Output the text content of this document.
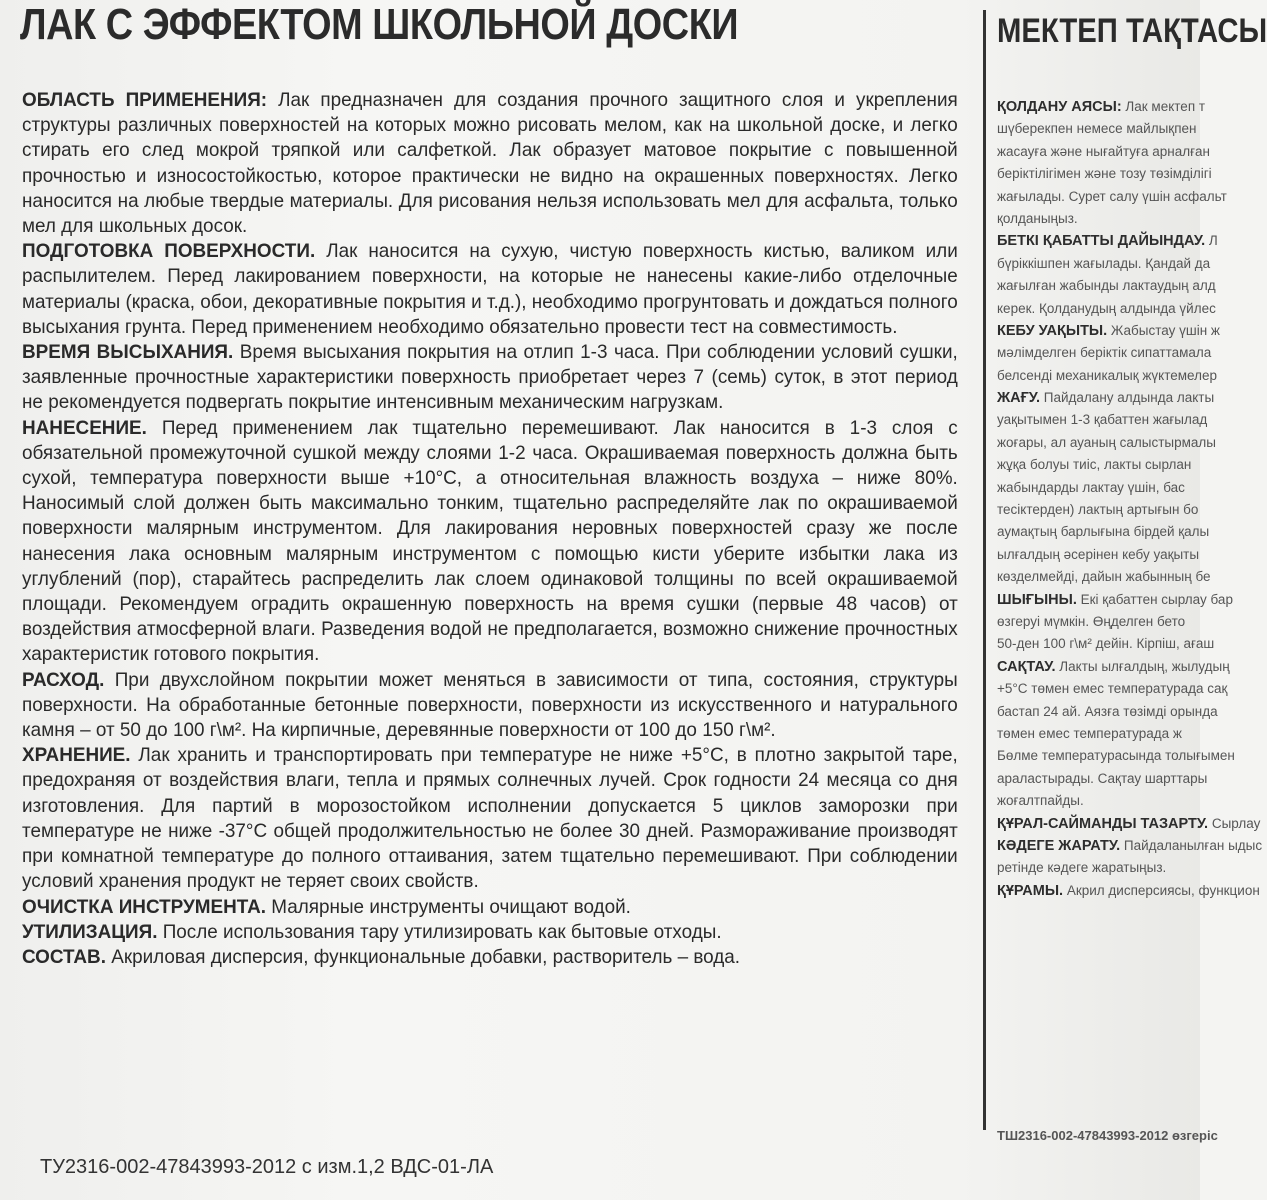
ЛАК С ЭФФЕКТОМ ШКОЛЬНОЙ ДОСКИ

ОБЛАСТЬ ПРИМЕНЕНИЯ: Лак предназначен для создания прочного защитного слоя и укрепления структуры различных поверхностей на которых можно рисовать мелом, как на школьной доске, и легко стирать его след мокрой тряпкой или салфеткой. Лак образует матовое покрытие с повышенной прочностью и износостойкостью, которое практически не видно на окрашенных поверхностях. Легко наносится на любые твердые материалы. Для рисования нельзя использовать мел для асфальта, только мел для школьных досок.

ПОДГОТОВКА ПОВЕРХНОСТИ. Лак наносится на сухую, чистую поверхность кистью, валиком или распылителем. Перед лакированием поверхности, на которые не нанесены какие-либо отделочные материалы (краска, обои, декоративные покрытия и т.д.), необходимо прогрунтовать и дождаться полного высыхания грунта. Перед применением необходимо обязательно провести тест на совместимость.

ВРЕМЯ ВЫСЫХАНИЯ. Время высыхания покрытия на отлип 1-3 часа. При соблюдении условий сушки, заявленные прочностные характеристики поверхность приобретает через 7 (семь) суток, в этот период не рекомендуется подвергать покрытие интенсивным механическим нагрузкам.

НАНЕСЕНИЕ. Перед применением лак тщательно перемешивают. Лак наносится в 1-3 слоя с обязательной промежуточной сушкой между слоями 1-2 часа. Окрашиваемая поверхность должна быть сухой, температура поверхности выше +10°С, а относительная влажность воздуха – ниже 80%. Наносимый слой должен быть максимально тонким, тщательно распределяйте лак по окрашиваемой поверхности малярным инструментом. Для лакирования неровных поверхностей сразу же после нанесения лака основным малярным инструментом с помощью кисти уберите избытки лака из углублений (пор), старайтесь распределить лак слоем одинаковой толщины по всей окрашиваемой площади. Рекомендуем оградить окрашенную поверхность на время сушки (первые 48 часов) от воздействия атмосферной влаги. Разведения водой не предполагается, возможно снижение прочностных характеристик готового покрытия.

РАСХОД. При двухслойном покрытии может меняться в зависимости от типа, состояния, структуры поверхности. На обработанные бетонные поверхности, поверхности из искусственного и натурального камня – от 50 до 100 г\м². На кирпичные, деревянные поверхности от 100 до 150 г\м².

ХРАНЕНИЕ. Лак хранить и транспортировать при температуре не ниже +5°С, в плотно закрытой таре, предохраняя от воздействия влаги, тепла и прямых солнечных лучей. Срок годности 24 месяца со дня изготовления. Для партий в морозостойком исполнении допускается 5 циклов заморозки при температуре не ниже -37°С общей продолжительностью не более 30 дней. Размораживание производят при комнатной температуре до полного оттаивания, затем тщательно перемешивают. При соблюдении условий хранения продукт не теряет своих свойств.

ОЧИСТКА ИНСТРУМЕНТА. Малярные инструменты очищают водой.

УТИЛИЗАЦИЯ. После использования тару утилизировать как бытовые отходы.

СОСТАВ. Акриловая дисперсия, функциональные добавки, растворитель – вода.

ТУ2316-002-47843993-2012 с изм.1,2 ВДС-01-ЛА
МЕКТЕП ТАҚТАСЫ
ҚОЛДАНУ АЯСЫ: Лак мектеп т
шүберекпен немесе майлықпен
жасауға және нығайтуға арналған
беріктілігімен және тозу төзімділігі
жағылады. Сурет салу үшін асфальт
қолданыңыз.
БЕТКІ ҚАБАТТЫ ДАЙЫНДАУ. Л
бүріккішпен жағылады. Қандай да
жағылған жабынды лактаудың алд
керек. Қолданудың алдында үйлес
КЕБУ УАҚЫТЫ. Жабыстау үшін ж
мәлімделген беріктік сипаттамала
белсенді механикалық жүктемелер
ЖАҒУ. Пайдалану алдында лакты
уақытымен 1-3 қабаттен жағылад
жоғары, ал ауаның салыстырмалы
жұқа болуы тиіс, лакты сырлан
жабындарды лактау үшін, бас
тесіктерден) лактың артығын бо
аумақтың барлығына бірдей қалы
ылғалдың әсерінен кебу уақыты
көзделмейді, дайын жабынның бе
ШЫҒЫНЫ. Екі қабаттен сырлау бар
өзгеруі мүмкін. Өңделген бето
50-ден 100 г\м² дейін. Кірпіш, ағаш
САҚТАУ. Лакты ылғалдың, жылудың
+5°С төмен емес температурада сақ
бастап 24 ай. Аязға төзімді орында
төмен емес температурада ж
Бөлме температурасында толығымен
араластырады. Сақтау шарттары
жоғалтпайды.
ҚҰРАЛ-САЙМАНДЫ ТАЗАРТУ. Сырлау
КӘДЕГЕ ЖАРАТУ. Пайдаланылған ыдыс
ретінде кәдеге жаратыңыз.
ҚҰРАМЫ. Акрил дисперсиясы, функцион
ТШ2316-002-47843993-2012 өзгеріс
